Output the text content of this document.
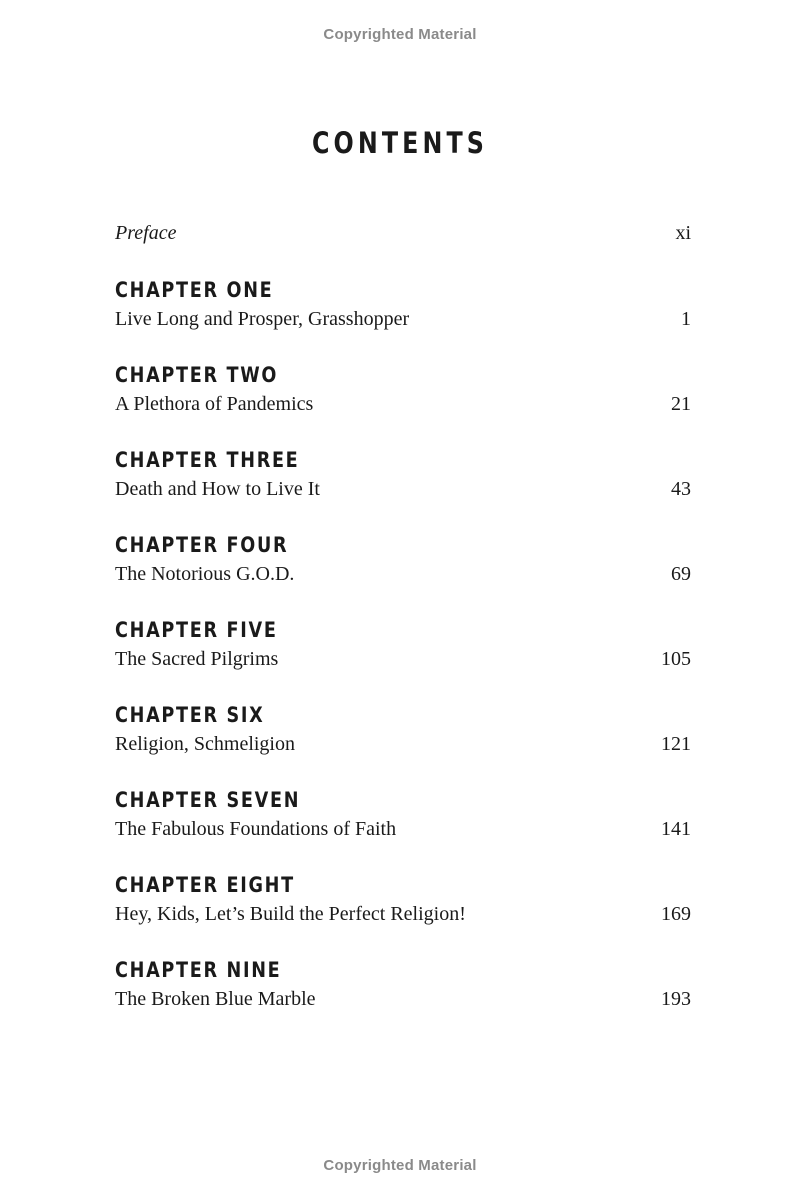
Copyrighted Material
CONTENTS
Preface	xi
CHAPTER ONE
Live Long and Prosper, Grasshopper	1
CHAPTER TWO
A Plethora of Pandemics	21
CHAPTER THREE
Death and How to Live It	43
CHAPTER FOUR
The Notorious G.O.D.	69
CHAPTER FIVE
The Sacred Pilgrims	105
CHAPTER SIX
Religion, Schmeligion	121
CHAPTER SEVEN
The Fabulous Foundations of Faith	141
CHAPTER EIGHT
Hey, Kids, Let’s Build the Perfect Religion!	169
CHAPTER NINE
The Broken Blue Marble	193
Copyrighted Material
